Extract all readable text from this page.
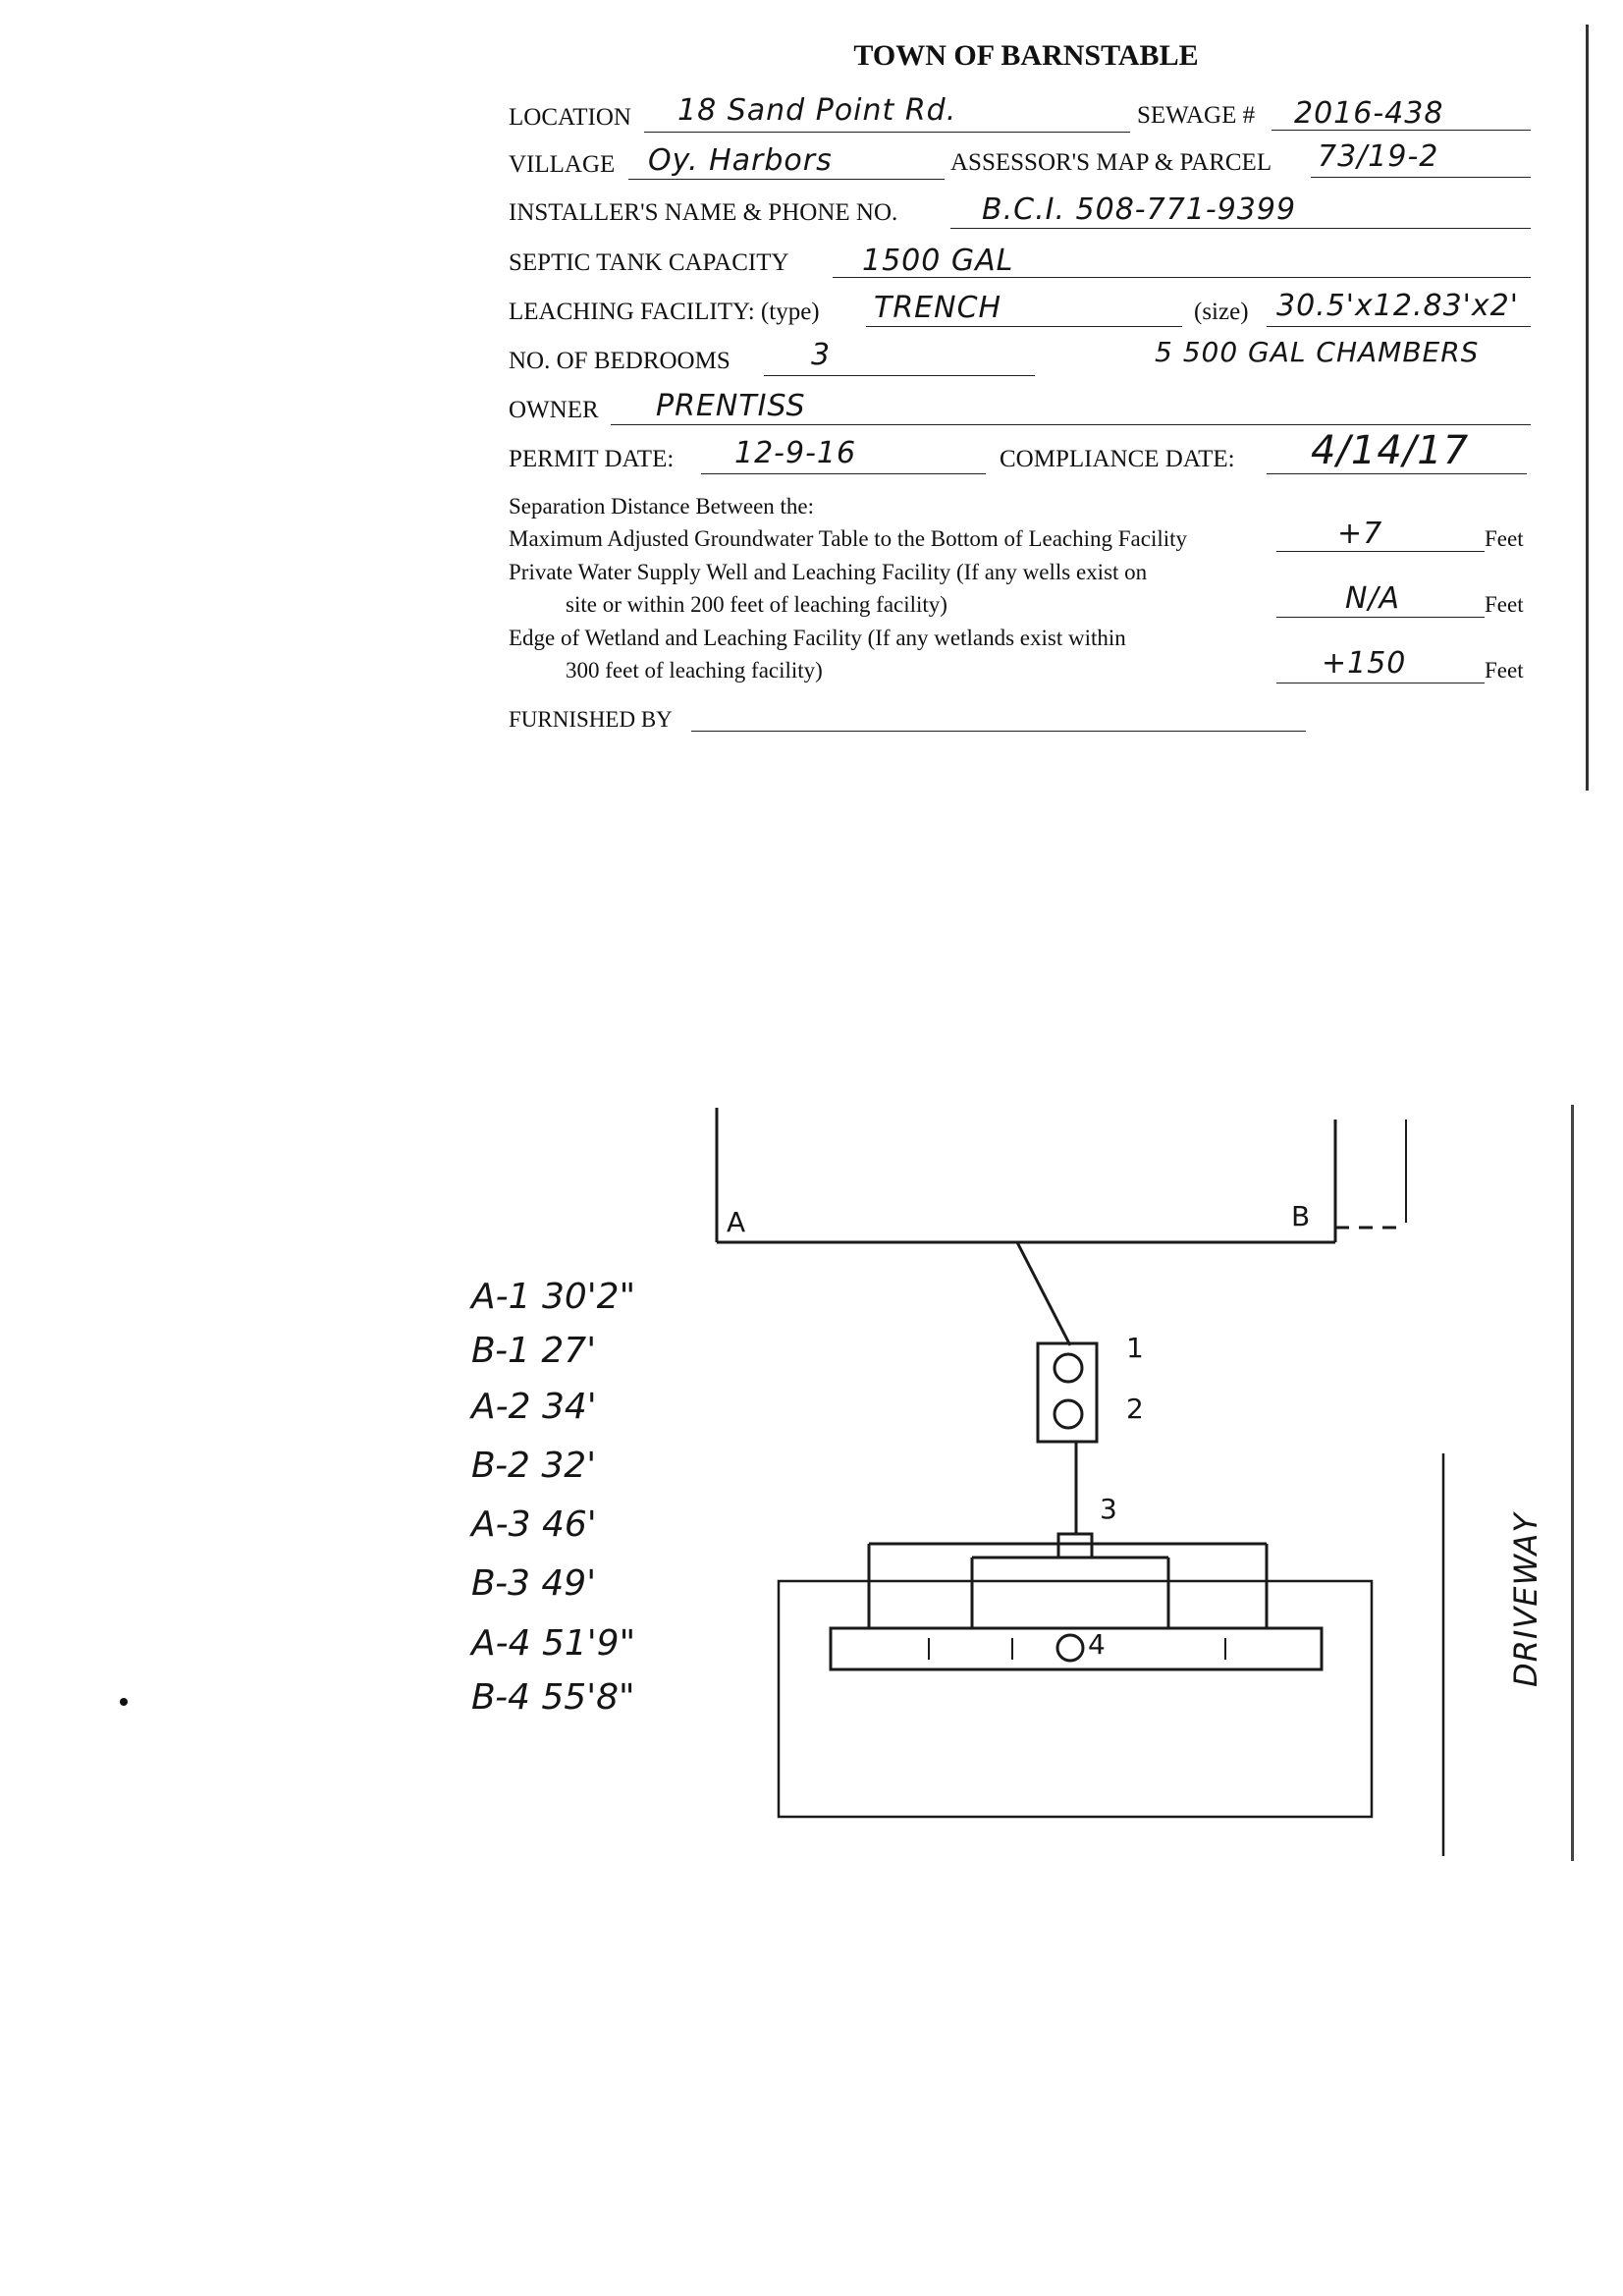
TOWN OF BARNSTABLE
LOCATION 18 Sand Point Rd.	SEWAGE # 2016-438
VILLAGE Oy. Harbors	ASSESSOR'S MAP & PARCEL 73/19-2
INSTALLER'S NAME & PHONE NO.	B.C.I. 508-771-9399
SEPTIC TANK CAPACITY 1500 GAL
LEACHING FACILITY: (type) TRENCH	(size) 30.5'x12.83'x2'
NO. OF BEDROOMS	3	5 500 GAL CHAMBERS
OWNER PRENTISS
PERMIT DATE: 12-9-16	COMPLIANCE DATE: 4/14/17
Separation Distance Between the:
Maximum Adjusted Groundwater Table to the Bottom of Leaching Facility	+7	Feet
Private Water Supply Well and Leaching Facility (If any wells exist on
site or within 200 feet of leaching facility)	N/A	Feet
Edge of Wetland and Leaching Facility (If any wetlands exist within
300 feet of leaching facility)	+150	Feet
FURNISHED BY
A	B
1
2
3
4	DRIVEWAY
A-1 30'2"
B-1 27'
A-2 34'
B-2 32'
A-3 46'
B-3 49'
A-4 51'9"
B-4 55'8"
